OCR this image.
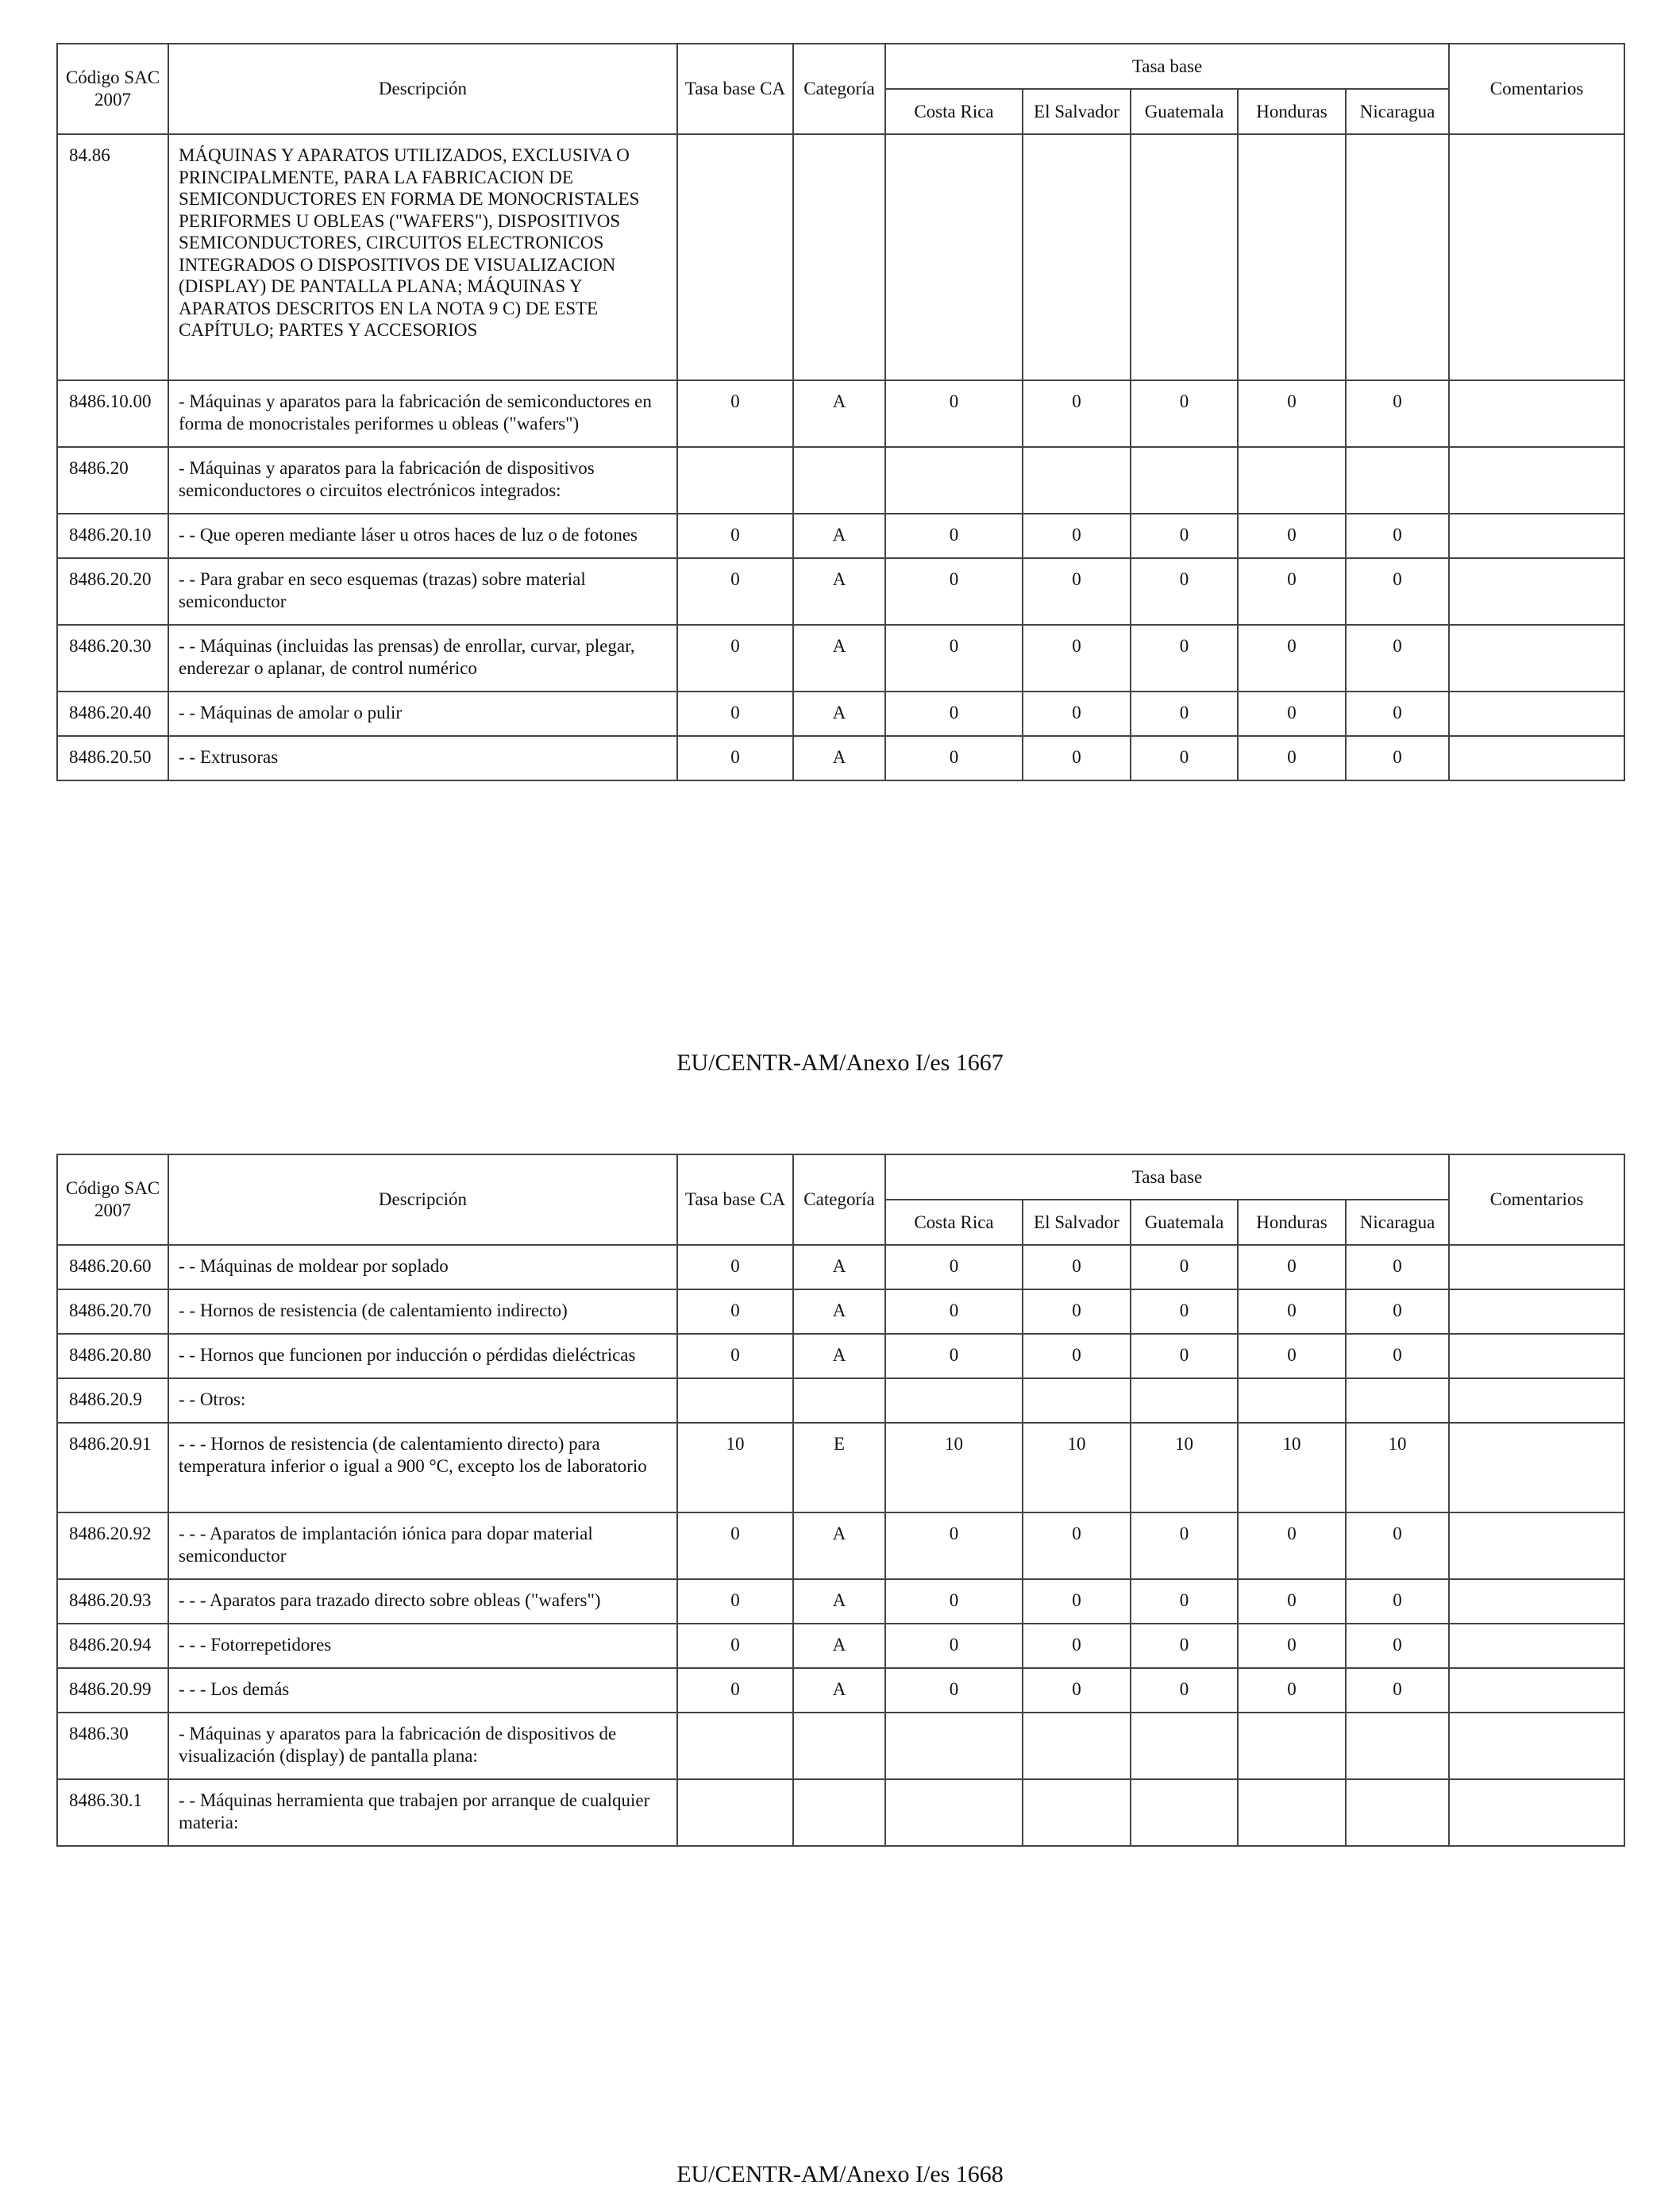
Código SAC 2007	Descripción	Tasa base CA	Categoría	Tasa base					Comentarios
				Costa Rica	El Salvador	Guatemala	Honduras	Nicaragua	
84.86	MÁQUINAS Y APARATOS UTILIZADOS, EXCLUSIVA O PRINCIPALMENTE, PARA LA FABRICACION DE SEMICONDUCTORES EN FORMA DE MONOCRISTALES PERIFORMES U OBLEAS ("WAFERS"), DISPOSITIVOS SEMICONDUCTORES, CIRCUITOS ELECTRONICOS INTEGRADOS O DISPOSITIVOS DE VISUALIZACION (DISPLAY) DE PANTALLA PLANA; MÁQUINAS Y APARATOS DESCRITOS EN LA NOTA 9 C) DE ESTE CAPÍTULO; PARTES Y ACCESORIOS								
8486.10.00	- Máquinas y aparatos para la fabricación de semiconductores en forma de monocristales periformes u obleas ("wafers")	0	A	0	0	0	0	0	
8486.20	- Máquinas y aparatos para la fabricación de dispositivos semiconductores o circuitos electrónicos integrados:								
8486.20.10	- - Que operen mediante láser u otros haces de luz o de fotones	0	A	0	0	0	0	0	
8486.20.20	- - Para grabar en seco esquemas (trazas) sobre material semiconductor	0	A	0	0	0	0	0	
8486.20.30	- - Máquinas (incluidas las prensas) de enrollar, curvar, plegar, enderezar o aplanar, de control numérico	0	A	0	0	0	0	0	
8486.20.40	- - Máquinas de amolar o pulir	0	A	0	0	0	0	0	
8486.20.50	- - Extrusoras	0	A	0	0	0	0	0	
EU/CENTR-AM/Anexo I/es 1667
Código SAC 2007	Descripción	Tasa base CA	Categoría	Tasa base					Comentarios
				Costa Rica	El Salvador	Guatemala	Honduras	Nicaragua	
8486.20.60	- - Máquinas de moldear por soplado	0	A	0	0	0	0	0	
8486.20.70	- - Hornos de resistencia (de calentamiento indirecto)	0	A	0	0	0	0	0	
8486.20.80	- - Hornos que funcionen por inducción o pérdidas dieléctricas	0	A	0	0	0	0	0	
8486.20.9	- - Otros:								
8486.20.91	- - - Hornos de resistencia (de calentamiento directo) para temperatura inferior o igual a 900 °C, excepto los de laboratorio	10	E	10	10	10	10	10	
8486.20.92	- - - Aparatos de implantación iónica para dopar material semiconductor	0	A	0	0	0	0	0	
8486.20.93	- - - Aparatos para trazado directo sobre obleas ("wafers")	0	A	0	0	0	0	0	
8486.20.94	- - - Fotorrepetidores	0	A	0	0	0	0	0	
8486.20.99	- - - Los demás	0	A	0	0	0	0	0	
8486.30	- Máquinas y aparatos para la fabricación de dispositivos de visualización (display) de pantalla plana:								
8486.30.1	- - Máquinas herramienta que trabajen por arranque de cualquier materia:								
EU/CENTR-AM/Anexo I/es 1668
